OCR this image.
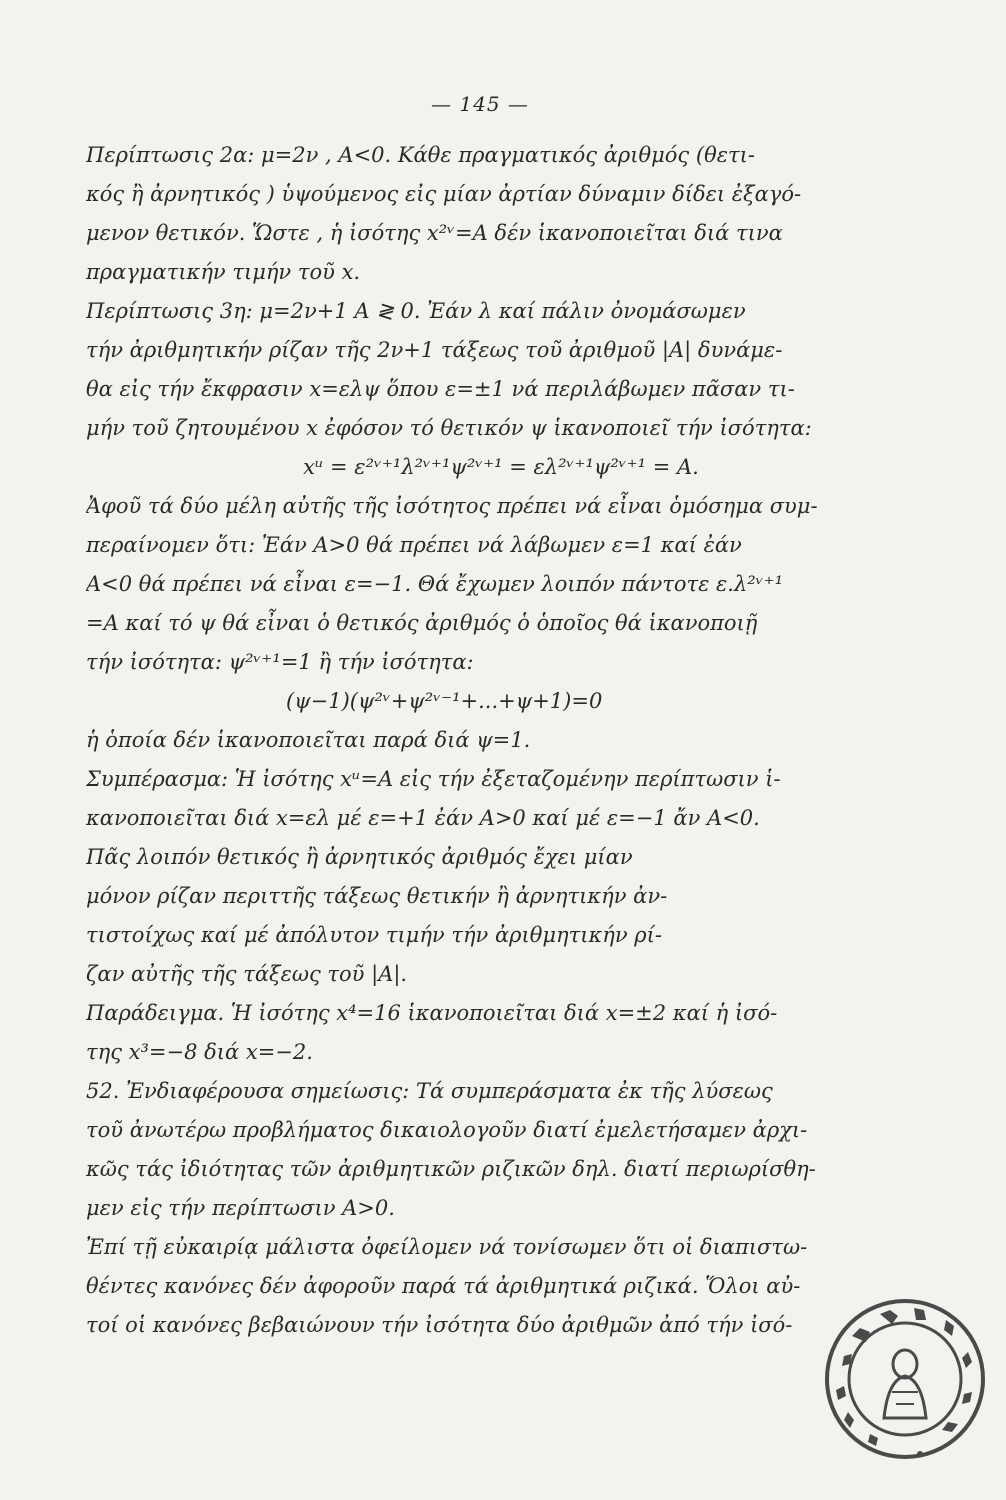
— 145 —
Περίπτωσις 2α: μ=2ν , Α<0. Κάθε πραγματικός ἀριθμός (θετι-
κός ἢ ἀρνητικός ) ὑψούμενος εἰς μίαν ἀρτίαν δύναμιν δίδει ἐξαγό-
μενον θετικόν. Ὥστε , ἡ ἰσότης x²ᵛ=A δέν ἱκανοποιεῖται διά τινα
πραγματικήν τιμήν τοῦ x.
Περίπτωσις 3η: μ=2ν+1 Α ≷ 0. Ἐάν λ καί πάλιν ὀνομάσωμεν
τήν ἀριθμητικήν ρίζαν τῆς 2ν+1 τάξεως τοῦ ἀριθμοῦ |Α| δυνάμε-
θα εἰς τήν ἔκφρασιν x=ελψ ὅπου ε=±1 νά περιλάβωμεν πᾶσαν τι-
μήν τοῦ ζητουμένου x ἐφόσον τό θετικόν ψ ἱκανοποιεῖ τήν ἰσότητα:
xᵘ = ε²ᵛ⁺¹λ²ᵛ⁺¹ψ²ᵛ⁺¹ = ελ²ᵛ⁺¹ψ²ᵛ⁺¹ = A.
Ἀφοῦ τά δύο μέλη αὐτῆς τῆς ἰσότητος πρέπει νά εἶναι ὁμόσημα συμ-
περαίνομεν ὅτι: Ἐάν Α>0 θά πρέπει νά λάβωμεν ε=1 καί ἐάν
Α<0 θά πρέπει νά εἶναι ε=−1. Θά ἔχωμεν λοιπόν πάντοτε ε.λ²ᵛ⁺¹
=A καί τό ψ θά εἶναι ὁ θετικός ἀριθμός ὁ ὁποῖος θά ἱκανοποιῇ
τήν ἰσότητα: ψ²ᵛ⁺¹=1 ἢ τήν ἰσότητα:
(ψ−1)(ψ²ᵛ+ψ²ᵛ⁻¹+...+ψ+1)=0
ἡ ὁποία δέν ἱκανοποιεῖται παρά διά ψ=1.
Συμπέρασμα: Ἡ ἰσότης xᵘ=A εἰς τήν ἐξεταζομένην περίπτωσιν ἱ-
κανοποιεῖται διά x=ελ μέ ε=+1 ἐάν Α>0 καί μέ ε=−1 ἄν Α<0.
Πᾶς λοιπόν θετικός ἢ ἀρνητικός ἀριθμός ἔχει μίαν
μόνον ρίζαν περιττῆς τάξεως θετικήν ἢ ἀρνητικήν ἀν-
τιστοίχως καί μέ ἀπόλυτον τιμήν τήν ἀριθμητικήν ρί-
ζαν αὐτῆς τῆς τάξεως τοῦ |Α|.
Παράδειγμα. Ἡ ἰσότης x⁴=16 ἱκανοποιεῖται διά x=±2 καί ἡ ἰσό-
της x³=−8 διά x=−2.
52. Ἐνδιαφέρουσα σημείωσις: Τά συμπεράσματα ἐκ τῆς λύσεως
τοῦ ἀνωτέρω προβλήματος δικαιολογοῦν διατί ἐμελετήσαμεν ἀρχι-
κῶς τάς ἰδιότητας τῶν ἀριθμητικῶν ριζικῶν δηλ. διατί περιωρίσθη-
μεν εἰς τήν περίπτωσιν Α>0.
Ἐπί τῇ εὐκαιρίᾳ μάλιστα ὀφείλομεν νά τονίσωμεν ὅτι οἱ διαπιστω-
θέντες κανόνες δέν ἀφοροῦν παρά τά ἀριθμητικά ριζικά. Ὅλοι αὐ-
τοί οἱ κανόνες βεβαιώνουν τήν ἰσότητα δύο ἀριθμῶν ἀπό τήν ἰσό-
